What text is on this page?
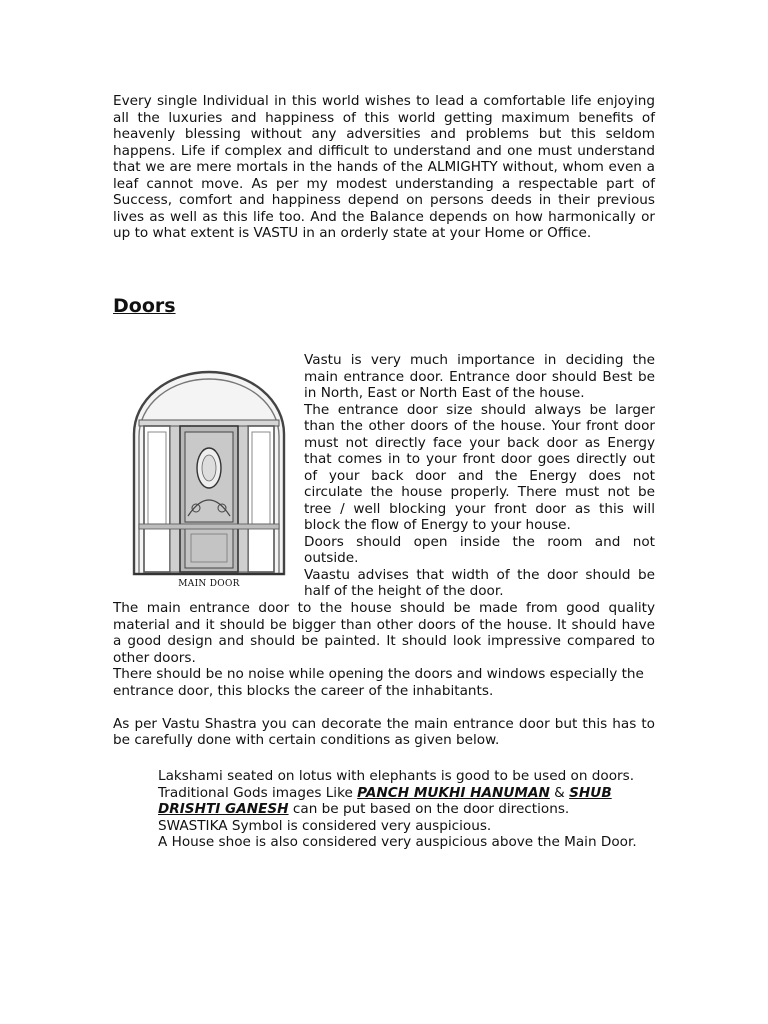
Every single Individual in this world wishes to lead a comfortable life enjoying all the luxuries and happiness of this world getting maximum benefits of heavenly blessing without any adversities and problems but this seldom happens. Life if complex and difficult to understand and one must understand that we are mere mortals in the hands of the ALMIGHTY without, whom even a leaf cannot move. As per my modest understanding a respectable part of Success, comfort and happiness depend on persons deeds in their previous lives as well as this life too. And the Balance depends on how harmonically or up to what extent is VASTU in an orderly state at your Home or Office.

Doors
MAIN DOOR

Vastu is very much importance in deciding the main entrance door. Entrance door should Best be in North, East or North East of the house.

The entrance door size should always be larger than the other doors of the house. Your front door must not directly face your back door as Energy that comes in to your front door goes directly out of your back door and the Energy does not circulate the house properly. There must not be tree / well blocking your front door as this will block the flow of Energy to your house.

Doors should open inside the room and not outside.

Vaastu advises that width of the door should be half of the height of the door.

The main entrance door to the house should be made from good quality material and it should be bigger than other doors of the house. It should have a good design and should be painted. It should look impressive compared to other doors.

There should be no noise while opening the doors and windows especially the entrance door, this blocks the career of the inhabitants.

As per Vastu Shastra you can decorate the main entrance door but this has to be carefully done with certain conditions as given below.

Lakshami seated on lotus with elephants is good to be used on doors.

Traditional Gods images Like PANCH MUKHI HANUMAN & SHUB DRISHTI GANESH can be put based on the door directions.

SWASTIKA Symbol is considered very auspicious.

A House shoe is also considered very auspicious above the Main Door.
